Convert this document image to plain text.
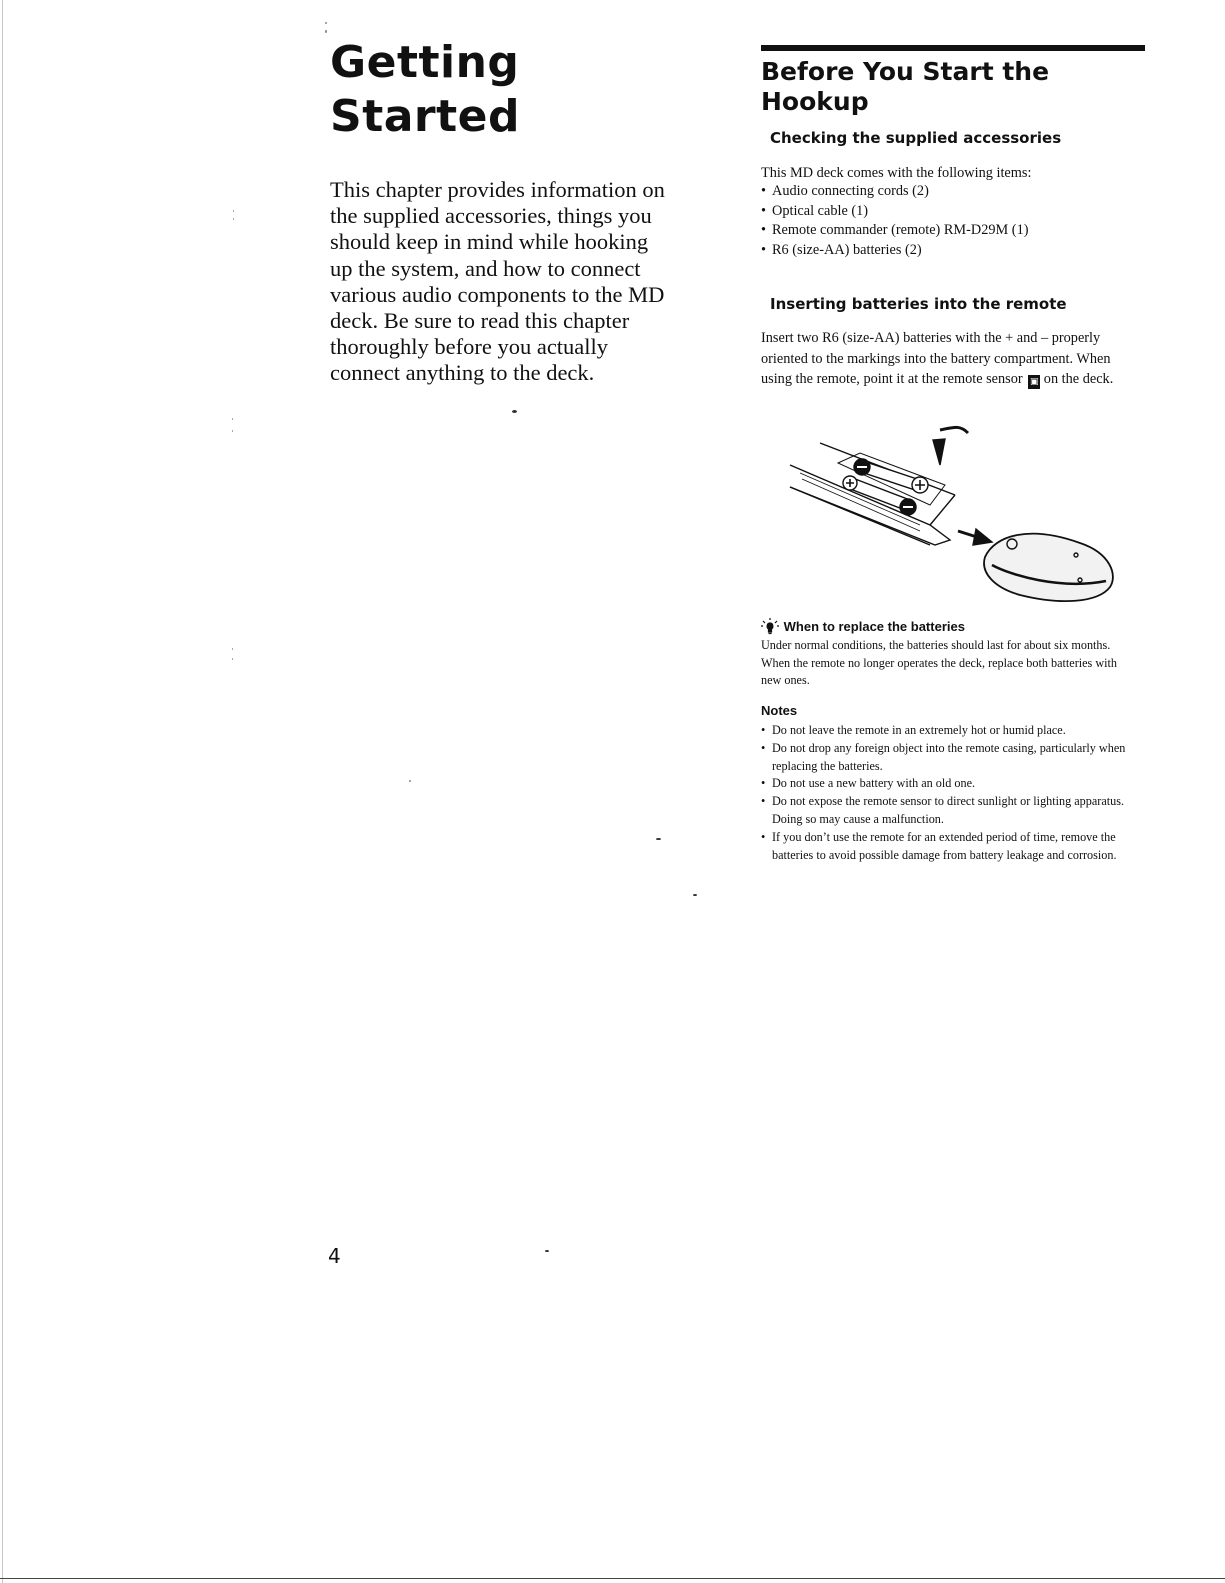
Getting
Started

This chapter provides information on the supplied accessories, things you should keep in mind while hooking up the system, and how to connect various audio components to the MD deck. Be sure to read this chapter thoroughly before you actually connect anything to the deck.

4
Before You Start the Hookup
Checking the supplied accessories

This MD deck comes with the following items:

• Audio connecting cords (2)
• Optical cable (1)
• Remote commander (remote) RM-D29M (1)
• R6 (size-AA) batteries (2)
Inserting batteries into the remote

Insert two R6 (size-AA) batteries with the + and – properly oriented to the markings into the battery compartment. When using the remote, point it at the remote sensor ▣ on the deck.

When to replace the batteries

Under normal conditions, the batteries should last for about six months. When the remote no longer operates the deck, replace both batteries with new ones.

Notes
• Do not leave the remote in an extremely hot or humid place.
• Do not drop any foreign object into the remote casing, particularly when replacing the batteries.
• Do not use a new battery with an old one.
• Do not expose the remote sensor to direct sunlight or lighting apparatus. Doing so may cause a malfunction.
• If you don’t use the remote for an extended period of time, remove the batteries to avoid possible damage from battery leakage and corrosion.
